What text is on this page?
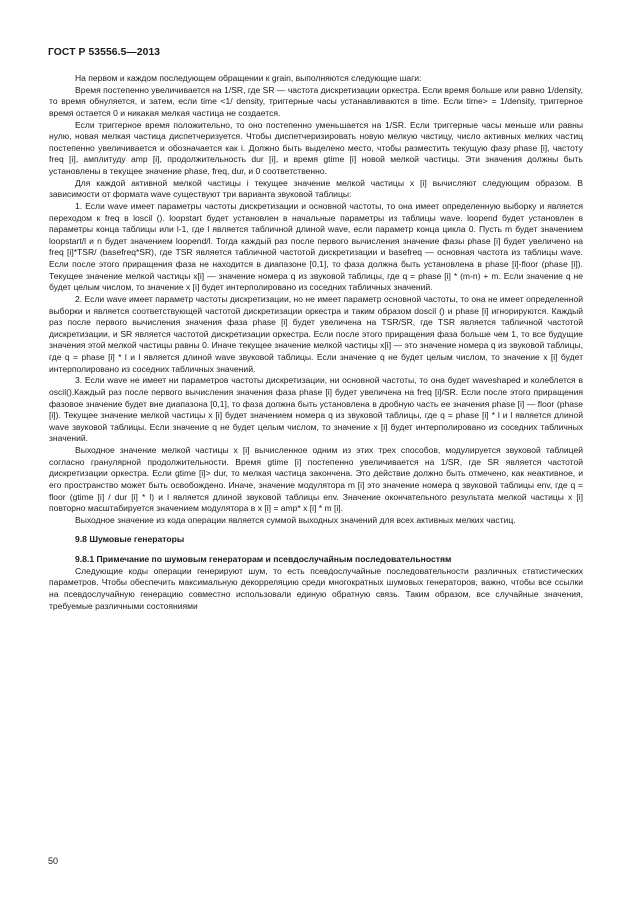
ГОСТ Р 53556.5—2013

На первом и каждом последующем обращении к grain, выполняются следующие шаги:

Время постепенно увеличивается на 1/SR, где SR — частота дискретизации оркестра. Если время больше или равно 1/density, то время обнуляется, и затем, если time <1/ density, триггерные часы устанавливаются в time. Если time> = 1/density, триггерное время остается 0 и никакая мелкая частица не создается.

Если триггерное время положительно, то оно постепенно уменьшается на 1/SR. Если триггерные часы меньше или равны нулю, новая мелкая частица диспетчеризуется. Чтобы диспетчеризировать новую мелкую частицу, число активных мелких частиц постепенно увеличивается и обозначается как i. Должно быть выделено место, чтобы разместить текущую фазу phase [i], частоту freq [i], амплитуду amp [i], продолжительность dur [i], и время gtime [i] новой мелкой частицы. Эти значения должны быть установлены в текущее значение phase, freq, dur, и 0 соответственно.

Для каждой активной мелкой частицы i текущее значение мелкой частицы x [i] вычисляют следующим образом. В зависимости от формата wave существуют три варианта звуковой таблицы:

1. Если wave имеет параметры частоты дискретизации и основной частоты, то она имеет определенную выборку и является переходом к freq в loscil (). loopstart будет установлен в начальные параметры из таблицы wave. loopend будет установлен в параметры конца таблицы или l-1, где l является табличной длиной wave, если параметр конца цикла 0. Пусть m будет значением loopstart/l и n будет значением loopend/l. Тогда каждый раз после первого вычисления значение фазы phase [i] будет увеличено на freq [i]*TSR/ (basefreq*SR), где TSR является табличной частотой дискретизации и basefreq — основная частота из таблицы wave. Если после этого приращения фаза не находится в диапазоне [0,1], то фаза должна быть установлена в phase [i]-floor (phase [i]). Текущее значение мелкой частицы x[i] — значение номера q из звуковой таблицы, где q = phase [i] * (m-n) + m. Если значение q не будет целым числом, то значение x [i] будет интерполировано из соседних табличных значений.

2. Если wave имеет параметр частоты дискретизации, но не имеет параметр основной частоты, то она не имеет определенной выборки и является соответствующей частотой дискретизации оркестра и таким образом doscil () и phase [i] игнорируются. Каждый раз после первого вычисления значения фаза phase [i] будет увеличена на TSR/SR, где TSR является табличной частотой дискретизации, и SR является частотой дискретизации оркестра. Если после этого приращения фаза больше чем 1, то все будущие значения этой мелкой частицы равны 0. Иначе текущее значение мелкой частицы x[i] — это значение номера q из звуковой таблицы, где q = phase [i] * l и l является длиной wave звуковой таблицы. Если значение q не будет целым числом, то значение x [i] будет интерполировано из соседних табличных значений.

3. Если wave не имеет ни параметров частоты дискретизации, ни основной частоты, то она будет waveshaped и колеблется в oscil().Каждый раз после первого вычисления значения фаза phase [i] будет увеличена на freq [i]/SR. Если после этого приращения фазовое значение будет вне диапазона [0,1], то фаза должна быть установлена в дробную часть ее значения phase [i] — floor (phase [i]). Текущее значение мелкой частицы x [i] будет значением номера q из звуковой таблицы, где q = phase [i] * l и l является длиной wave звуковой таблицы. Если значение q не будет целым числом, то значение x [i] будет интерполировано из соседних табличных значений.

Выходное значение мелкой частицы x [i] вычисленное одним из этих трех способов, модулируется звуковой таблицей согласно гранулярной продолжительности. Время gtime [i] постепенно увеличивается на 1/SR, где SR является частотой дискретизации оркестра. Если gtime [i]> dur, то мелкая частица закончена. Это действие должно быть отмечено, как неактивное, и его пространство может быть освобождено. Иначе, значение модулятора m [i] это значение номера q звуковой таблицы env, где q = floor (gtime [i] / dur [i] * l) и l является длиной звуковой таблицы env. Значение окончательного результата мелкой частицы x [i] повторно масштабируется значением модулятора в x [i] = amp* x [i] * m [i].

Выходное значение из кода операции является суммой выходных значений для всех активных мелких частиц.

9.8 Шумовые генераторы
9.8.1 Примечание по шумовым генераторам и псевдослучайным последовательностям

Следующие коды операции генерируют шум, то есть псевдослучайные последовательности различных статистических параметров. Чтобы обеспечить максимальную декорреляцию среди многократных шумовых генераторов, важно, чтобы все ссылки на псевдослучайную генерацию совместно использовали единую обратную связь. Таким образом, все случайные значения, требуемые различными состояниями

50
